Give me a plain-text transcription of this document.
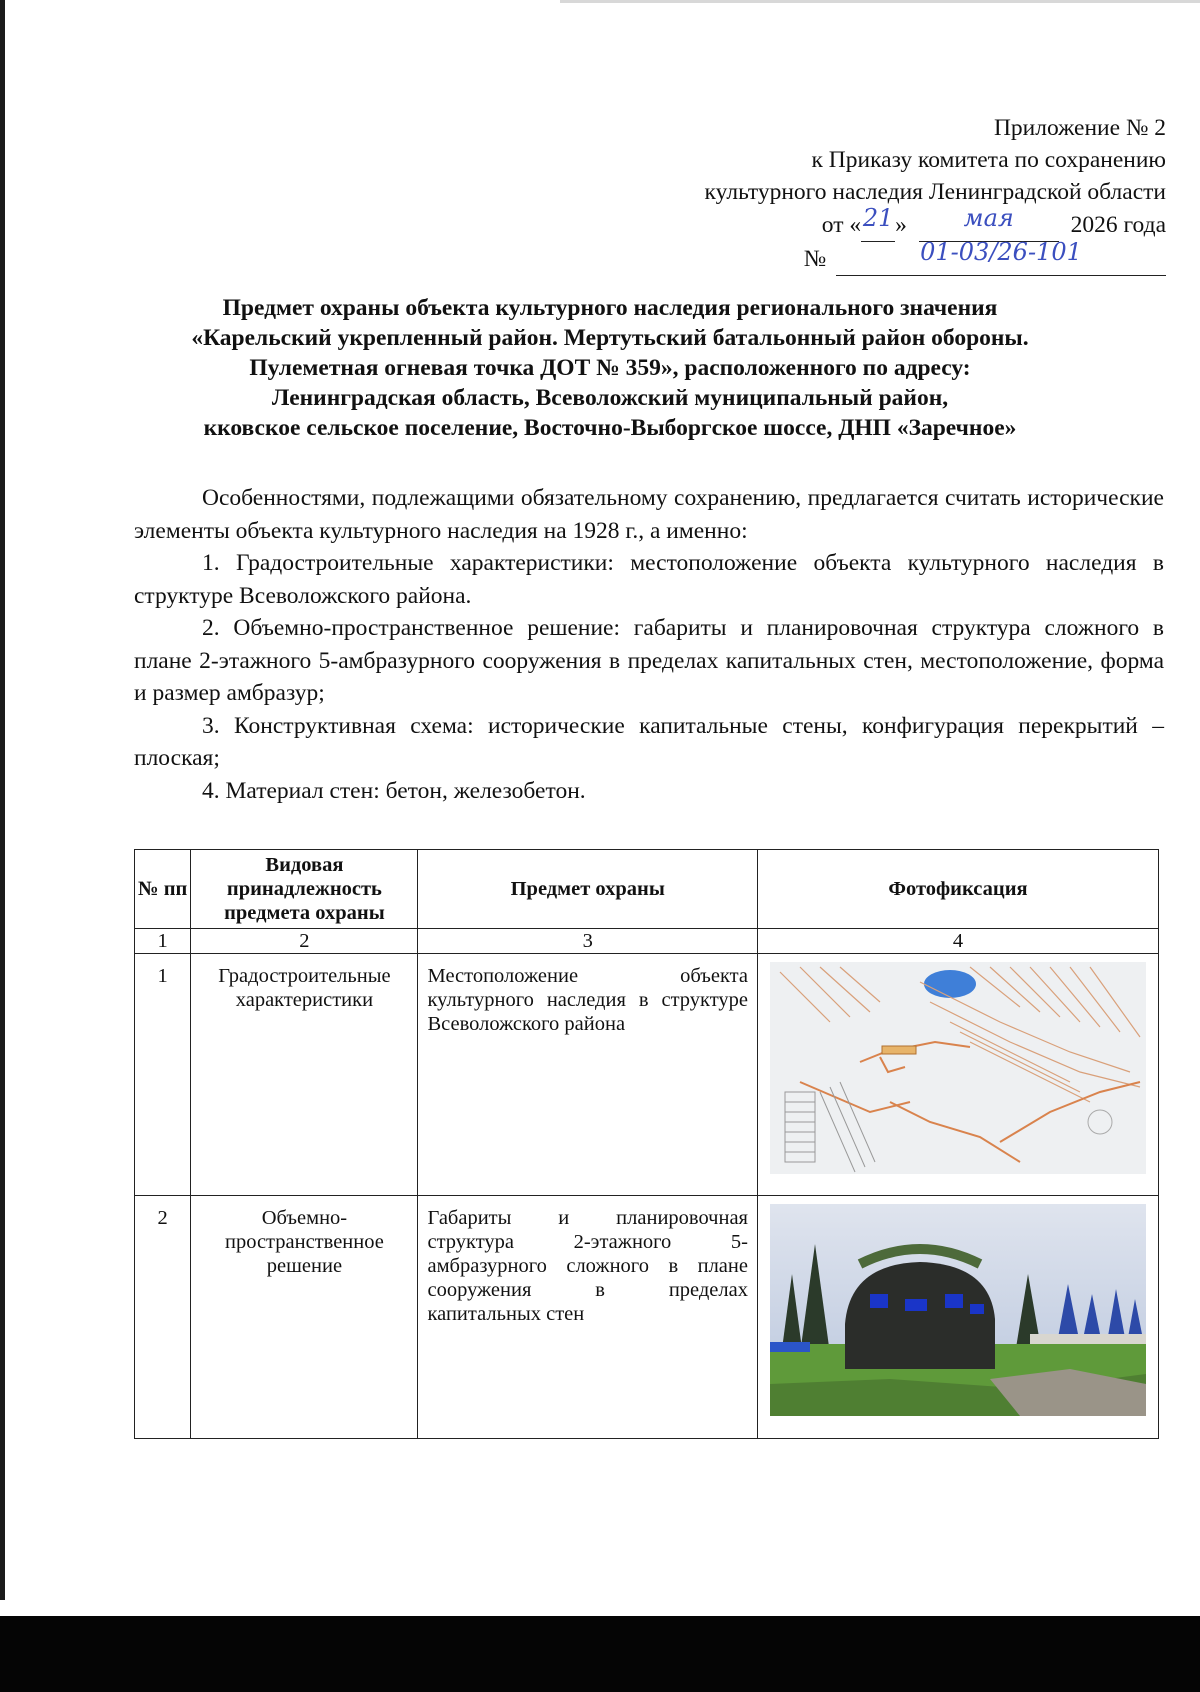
Приложение № 2
к Приказу комитета по сохранению
культурного наследия Ленинградской области
от «21» мая 2026 года
№	01-03/26-101
Предмет охраны объекта культурного наследия регионального значения
«Карельский укрепленный район. Мертутьский батальонный район обороны.
Пулеметная огневая точка ДОТ № 359», расположенного по адресу:
Ленинградская область, Всеволожский муниципальный район,
кковское сельское поселение, Восточно-Выборгское шоссе, ДНП «Заречное»

Особенностями, подлежащими обязательному сохранению, предлагается считать исторические элементы объекта культурного наследия на 1928 г., а именно:

1. Градостроительные характеристики: местоположение объекта культурного наследия в структуре Всеволожского района.

2. Объемно-пространственное решение: габариты и планировочная структура сложного в плане 2-этажного 5-амбразурного сооружения в пределах капитальных стен, местоположение, форма и размер амбразур;

3. Конструктивная схема: исторические капитальные стены, конфигурация перекрытий – плоская;

4. Материал стен: бетон, железобетон.

№ пп	Видовая принадлежность предмета охраны	Предмет охраны	Фотофиксация
1	2	3	4
1	Градостроительные характеристики	Местоположение объекта культурного наследия в структуре Всеволожского района	

2	Объемно-пространственное решение	Габариты и планировочная структура 2-этажного 5-амбразурного сложного в плане сооружения в пределах капитальных стен	
